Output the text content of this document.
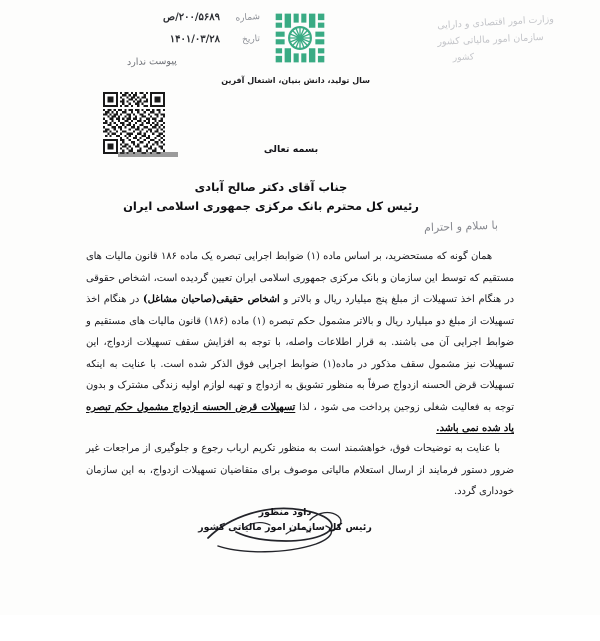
وزارت امور اقتصادی و دارایی
سازمان امور مالیاتی کشور
کشور
سال تولید، دانش بنیان، اشتغال آفرین
شماره
۲۰۰/۵۶۸۹/ص
تاریخ
۱۴۰۱/۰۳/۲۸
پیوست ندارد
بسمه تعالی
جناب آقای دکتر صالح آبادی
رئیس کل محترم بانک مرکزی جمهوری اسلامی ایران
با سلام و احترام

همان گونه که مستحضرید، بر اساس ماده (۱) ضوابط اجرایی تبصره یک ماده ۱۸۶ قانون مالیات های مستقیم که توسط این سازمان و بانک مرکزی جمهوری اسلامی ایران تعیین گردیده است، اشخاص حقوقی در هنگام اخذ تسهیلات از مبلغ پنج میلیارد ریال و بالاتر و اشخاص حقیقی(صاحبان مشاغل) در هنگام اخذ تسهیلات از مبلغ دو میلیارد ریال و بالاتر مشمول حکم تبصره (۱) ماده (۱۸۶) قانون مالیات های مستقیم و ضوابط اجرایی آن می باشند. به قرار اطلاعات واصله، با توجه به افزایش سقف تسهیلات ازدواج، این تسهیلات نیز مشمول سقف مذکور در ماده(۱) ضوابط اجرایی فوق الذکر شده است. با عنایت به اینکه تسهیلات قرض الحسنه ازدواج صرفاً به منظور تشویق به ازدواج و تهیه لوازم اولیه زندگی مشترک و بدون توجه به فعالیت شغلی زوجین پرداخت می شود ، لذا تسهیلات قرض الحسنه ازدواج مشمول حکم تبصره یاد شده نمی باشد.

با عنایت به توضیحات فوق، خواهشمند است به منظور تکریم ارباب رجوع و جلوگیری از مراجعات غیر ضرور دستور فرمایند از ارسال استعلام مالیاتی موصوف برای متقاضیان تسهیلات ازدواج، به این سازمان خودداری گردد.
داود منظور
رئیس کل سازمان امور مالیاتی کشور
